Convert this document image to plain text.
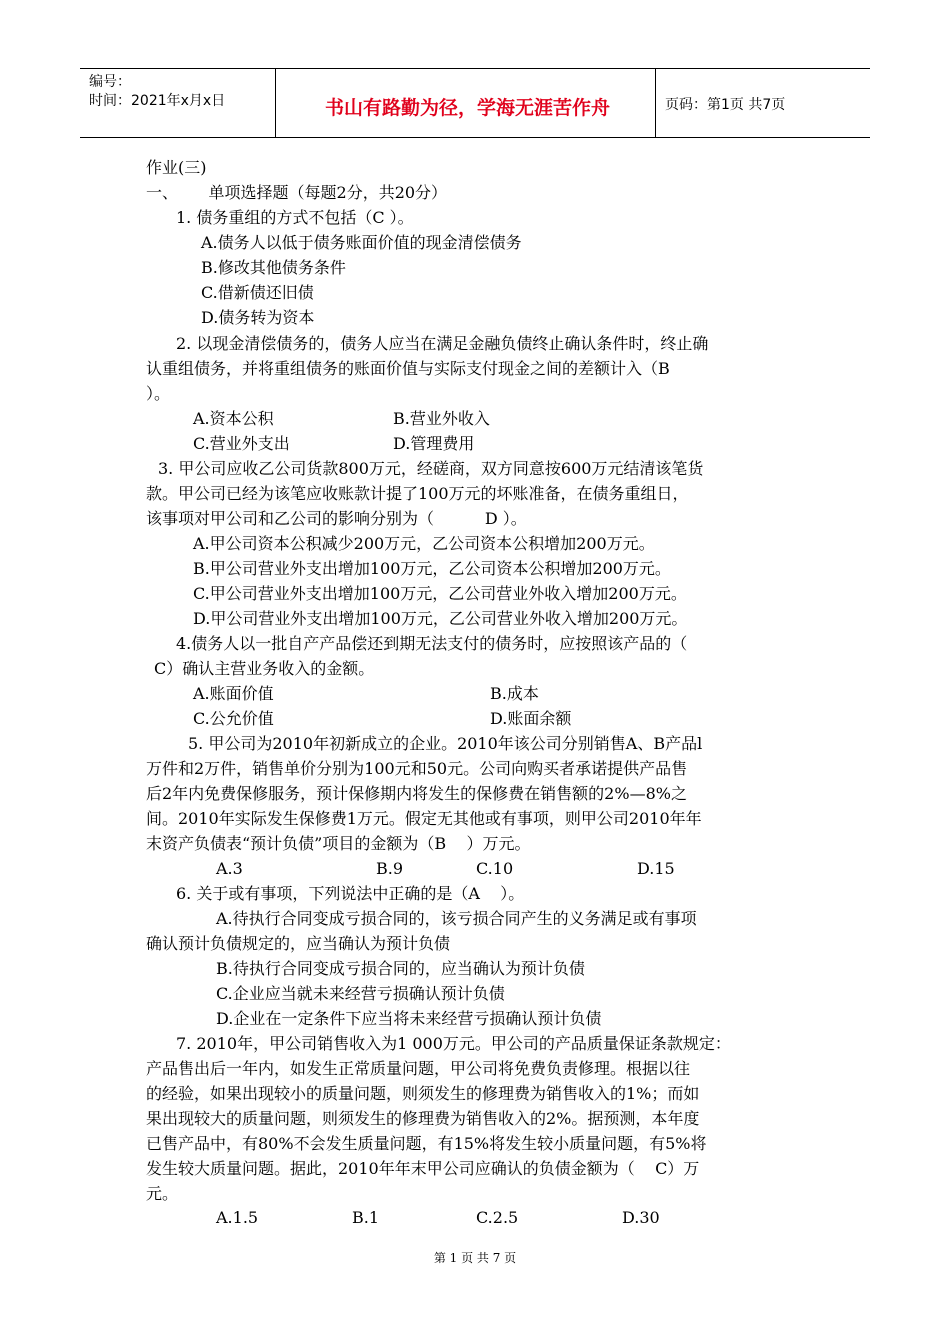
编号：
时间：2021年x月x日	书山有路勤为径，学海无涯苦作舟	页码：第1页 共7页
作业(三)
一、      单项选择题（每题2分，共20分）
1. 债务重组的方式不包括（C ）。
A.债务人以低于债务账面价值的现金清偿债务
B.修改其他债务条件
C.借新债还旧债
D.债务转为资本
2. 以现金清偿债务的，债务人应当在满足金融负债终止确认条件时，终止确
认重组债务，并将重组债务的账面价值与实际支付现金之间的差额计入（B
）。
A.资本公积	B.营业外收入
C.营业外支出	D.管理费用
3. 甲公司应收乙公司货款800万元，经磋商，双方同意按600万元结清该笔货
款。甲公司已经为该笔应收账款计提了100万元的坏账准备，在债务重组日，
该事项对甲公司和乙公司的影响分别为（          D ）。
A.甲公司资本公积减少200万元，乙公司资本公积增加200万元。
B.甲公司营业外支出增加100万元，乙公司资本公积增加200万元。
C.甲公司营业外支出增加100万元，乙公司营业外收入增加200万元。
D.甲公司营业外支出增加100万元，乙公司营业外收入增加200万元。
4.债务人以一批自产产品偿还到期无法支付的债务时，应按照该产品的（
C）确认主营业务收入的金额。
A.账面价值	B.成本
C.公允价值	D.账面余额
5. 甲公司为2010年初新成立的企业。2010年该公司分别销售A、B产品l
万件和2万件，销售单价分别为100元和50元。公司向购买者承诺提供产品售
后2年内免费保修服务，预计保修期内将发生的保修费在销售额的2%—8%之
间。2010年实际发生保修费1万元。假定无其他或有事项，则甲公司2010年年
末资产负债表“预计负债”项目的金额为（B    ）万元。
A.3	B.9	C.10	D.15
6. 关于或有事项，下列说法中正确的是（A    ）。
A.待执行合同变成亏损合同的，该亏损合同产生的义务满足或有事项
确认预计负债规定的，应当确认为预计负债
B.待执行合同变成亏损合同的，应当确认为预计负债
C.企业应当就未来经营亏损确认预计负债
D.企业在一定条件下应当将未来经营亏损确认预计负债
7. 2010年，甲公司销售收入为1 000万元。甲公司的产品质量保证条款规定：
产品售出后一年内，如发生正常质量问题，甲公司将免费负责修理。根据以往
的经验，如果出现较小的质量问题，则须发生的修理费为销售收入的1%；而如
果出现较大的质量问题，则须发生的修理费为销售收入的2%。据预测，本年度
已售产品中，有80%不会发生质量问题，有15%将发生较小质量问题，有5%将
发生较大质量问题。据此，2010年年末甲公司应确认的负债金额为（    C）万
元。
A.1.5	B.1	C.2.5	D.30
第 1 页 共 7 页
